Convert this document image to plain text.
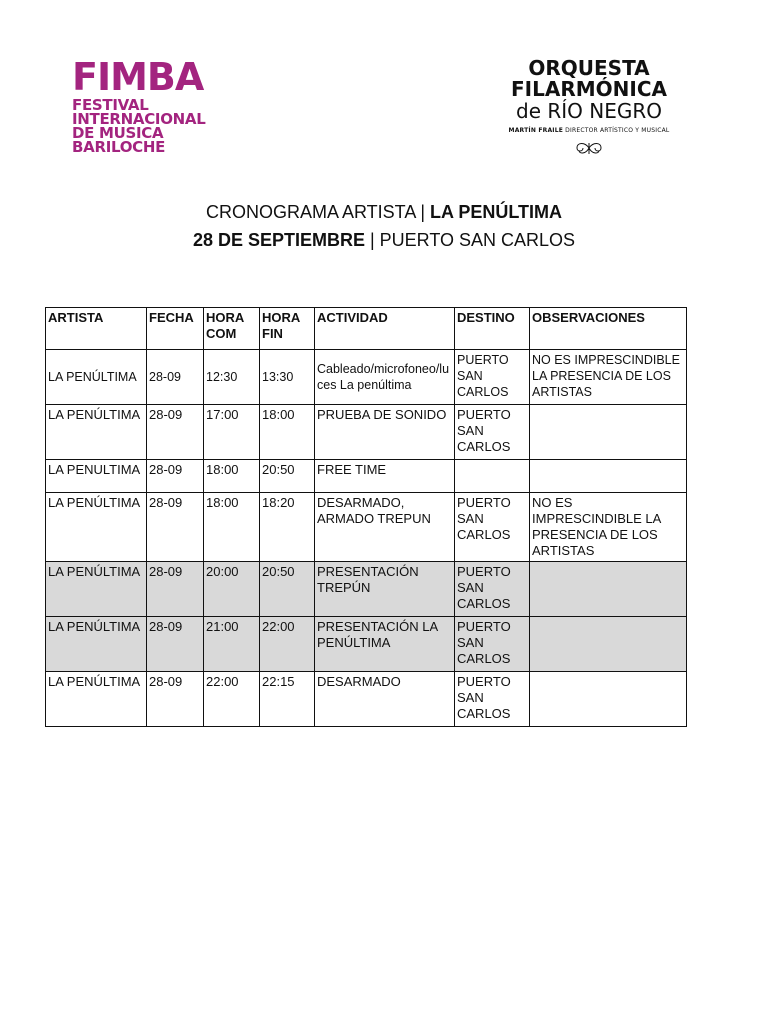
FIMBA
FESTIVAL
INTERNACIONAL
DE MUSICA
BARILOCHE
ORQUESTA
FILARMÓNICA
de RÍO NEGRO
MARTÍN FRAILE DIRECTOR ARTÍSTICO Y MUSICAL
CRONOGRAMA ARTISTA | LA PENÚLTIMA
28 DE SEPTIEMBRE | PUERTO SAN CARLOS
ARTISTA	FECHA	HORA COM	HORA FIN	ACTIVIDAD	DESTINO	OBSERVACIONES
LA PENÚLTIMA	28-09	12:30	13:30	Cableado/microfoneo/luces La penúltima	PUERTO SAN CARLOS	NO ES IMPRESCINDIBLE LA PRESENCIA DE LOS ARTISTAS
LA PENÚLTIMA	28-09	17:00	18:00	PRUEBA DE SONIDO	PUERTO SAN CARLOS	
LA PENULTIMA	28-09	18:00	20:50	FREE TIME		
LA PENÚLTIMA	28-09	18:00	18:20	DESARMADO, ARMADO TREPUN	PUERTO SAN CARLOS	NO ES IMPRESCINDIBLE LA PRESENCIA DE LOS ARTISTAS
LA PENÚLTIMA	28-09	20:00	20:50	PRESENTACIÓN TREPÚN	PUERTO SAN CARLOS	
LA PENÚLTIMA	28-09	21:00	22:00	PRESENTACIÓN LA PENÚLTIMA	PUERTO SAN CARLOS	
LA PENÚLTIMA	28-09	22:00	22:15	DESARMADO	PUERTO SAN CARLOS	
